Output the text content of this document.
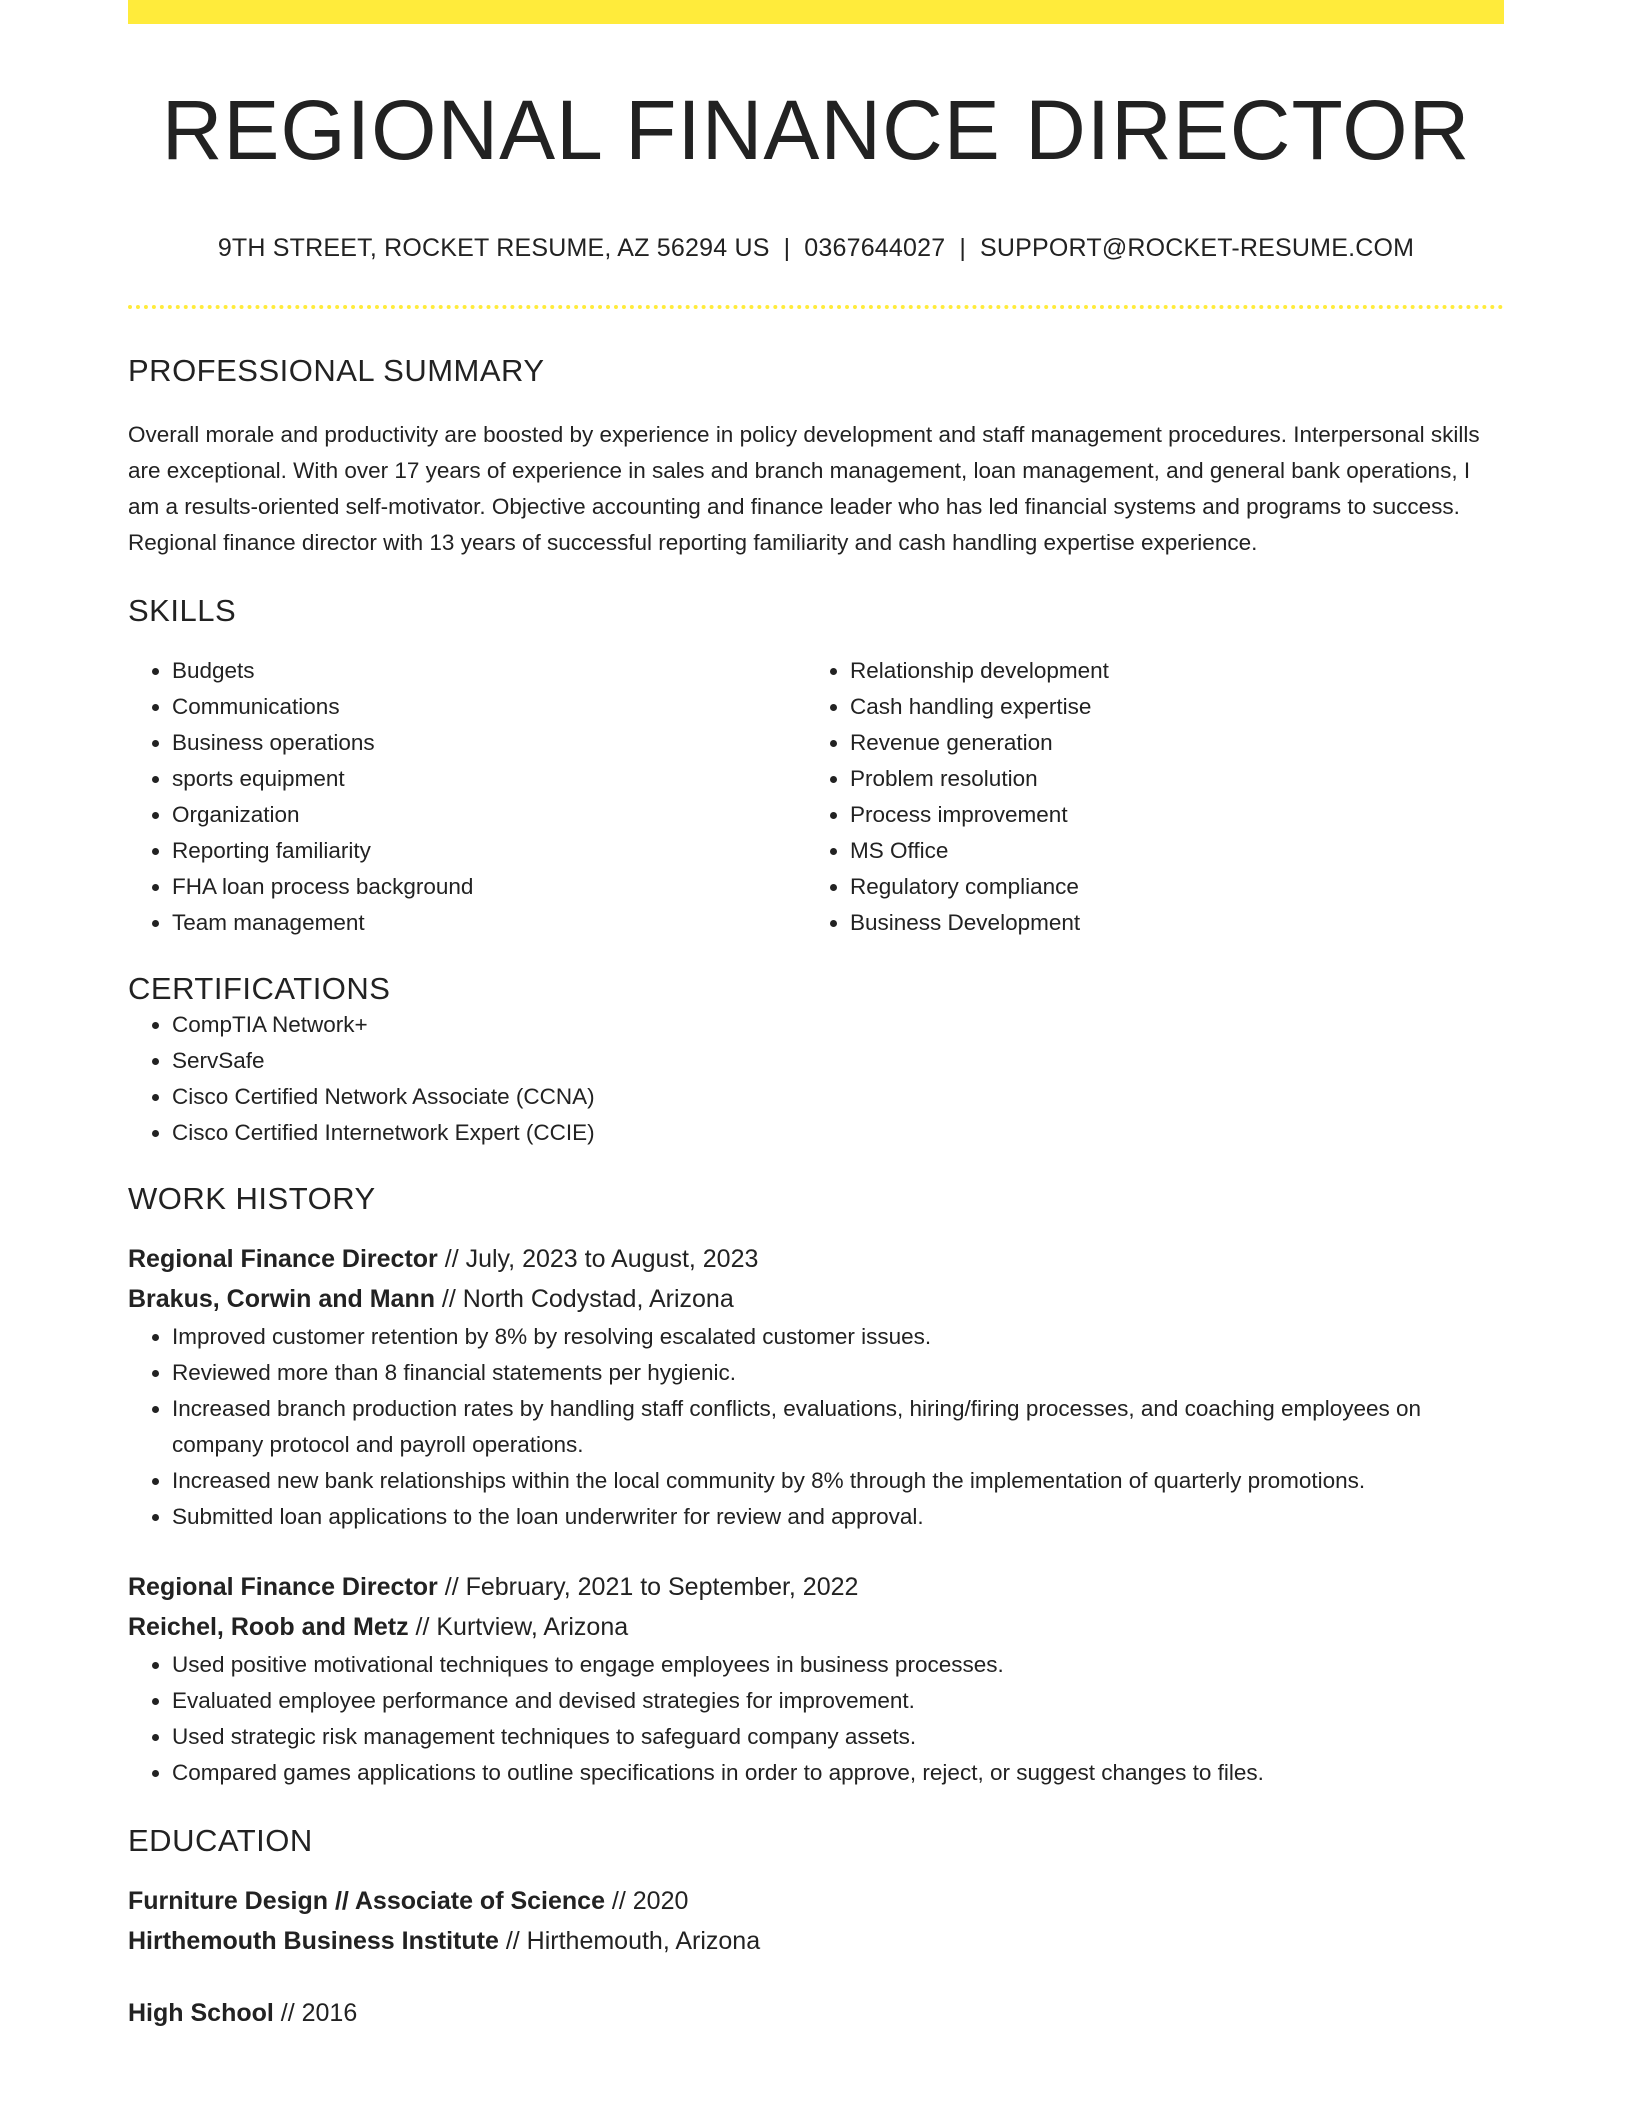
REGIONAL FINANCE DIRECTOR
9TH STREET, ROCKET RESUME, AZ 56294 US | 0367644027 | SUPPORT@ROCKET-RESUME.COM
PROFESSIONAL SUMMARY

Overall morale and productivity are boosted by experience in policy development and staff management procedures. Interpersonal skills are exceptional. With over 17 years of experience in sales and branch management, loan management, and general bank operations, I am a results-oriented self-motivator. Objective accounting and finance leader who has led financial systems and programs to success. Regional finance director with 13 years of successful reporting familiarity and cash handling expertise experience.

SKILLS
• Budgets
• Communications
• Business operations
• sports equipment
• Organization
• Reporting familiarity
• FHA loan process background
• Team management
• Relationship development
• Cash handling expertise
• Revenue generation
• Problem resolution
• Process improvement
• MS Office
• Regulatory compliance
• Business Development
CERTIFICATIONS
• CompTIA Network+
• ServSafe
• Cisco Certified Network Associate (CCNA)
• Cisco Certified Internetwork Expert (CCIE)
WORK HISTORY
Regional Finance Director // July, 2023 to August, 2023
Brakus, Corwin and Mann // North Codystad, Arizona
• Improved customer retention by 8% by resolving escalated customer issues.
• Reviewed more than 8 financial statements per hygienic.
• Increased branch production rates by handling staff conflicts, evaluations, hiring/firing processes, and coaching employees on company protocol and payroll operations.
• Increased new bank relationships within the local community by 8% through the implementation of quarterly promotions.
• Submitted loan applications to the loan underwriter for review and approval.
Regional Finance Director // February, 2021 to September, 2022
Reichel, Roob and Metz // Kurtview, Arizona
• Used positive motivational techniques to engage employees in business processes.
• Evaluated employee performance and devised strategies for improvement.
• Used strategic risk management techniques to safeguard company assets.
• Compared games applications to outline specifications in order to approve, reject, or suggest changes to files.
EDUCATION
Furniture Design // Associate of Science // 2020
Hirthemouth Business Institute // Hirthemouth, Arizona
High School // 2016
